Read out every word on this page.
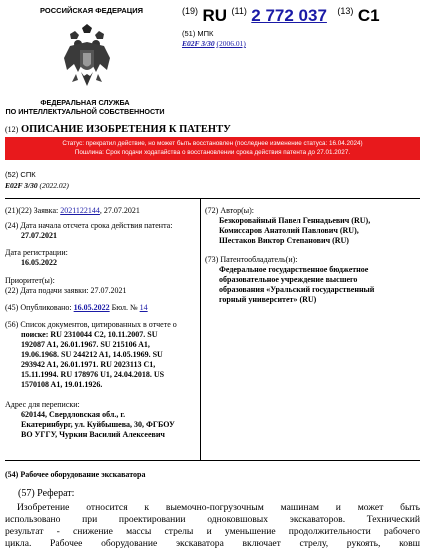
РОССИЙСКАЯ ФЕДЕРАЦИЯ
ФЕДЕРАЛЬНАЯ СЛУЖБА
ПО ИНТЕЛЛЕКТУАЛЬНОЙ СОБСТВЕННОСТИ
$^{(19)}$ RU $^{(11)}$ 2 772 037 $^{(13)}$ C1
(51) МПК
E02F 3/30 (2006.01)
(12) ОПИСАНИЕ ИЗОБРЕТЕНИЯ К ПАТЕНТУ
Статус: прекратил действие, но может быть восстановлен (последнее изменение статуса: 16.04.2024)
Пошлина: Срок подачи ходатайства о восстановлении срока действия патента до 27.01.2027.
(52) СПК
E02F 3/30 (2022.02)
(21)(22) Заявка: 2021122144, 27.07.2021
(24) Дата начала отсчета срока действия патента:
27.07.2021
Дата регистрации:
16.05.2022
Приоритет(ы):
(22) Дата подачи заявки: 27.07.2021
(45) Опубликовано: 16.05.2022 Бюл. № 14
(56) Список документов, цитированных в отчете о
поиске: RU 2310044 C2, 10.11.2007. SU
192087 A1, 26.01.1967. SU 215106 A1,
19.06.1968. SU 244212 A1, 14.05.1969. SU
293942 A1, 26.01.1971. RU 2023113 C1,
15.11.1994. RU 178976 U1, 24.04.2018. US
1570108 A1, 19.01.1926.
Адрес для переписки:
620144, Свердловская обл., г.
Екатеринбург, ул. Куйбышева, 30, ФГБОУ
ВО УГГУ, Чуркин Василий Алексеевич
(72) Автор(ы):
Безкоровайный Павел Геннадьевич (RU),
Комиссаров Анатолий Павлович (RU),
Шестаков Виктор Степанович (RU)
(73) Патентообладатель(и):
Федеральное государственное бюджетное
образовательное учреждение высшего
образования «Уральский государственный
горный университет» (RU)
(54) Рабочее оборудование экскаватора
(57) Реферат:
Изобретение относится к выемочно-погрузочным машинам и может быть
использовано при проектировании одноковшовых экскаваторов. Технический
результат - снижение массы стрелы и уменьшение продолжительности рабочего
цикла. Рабочее оборудование экскаватора включает стрелу, рукоять, ковш
